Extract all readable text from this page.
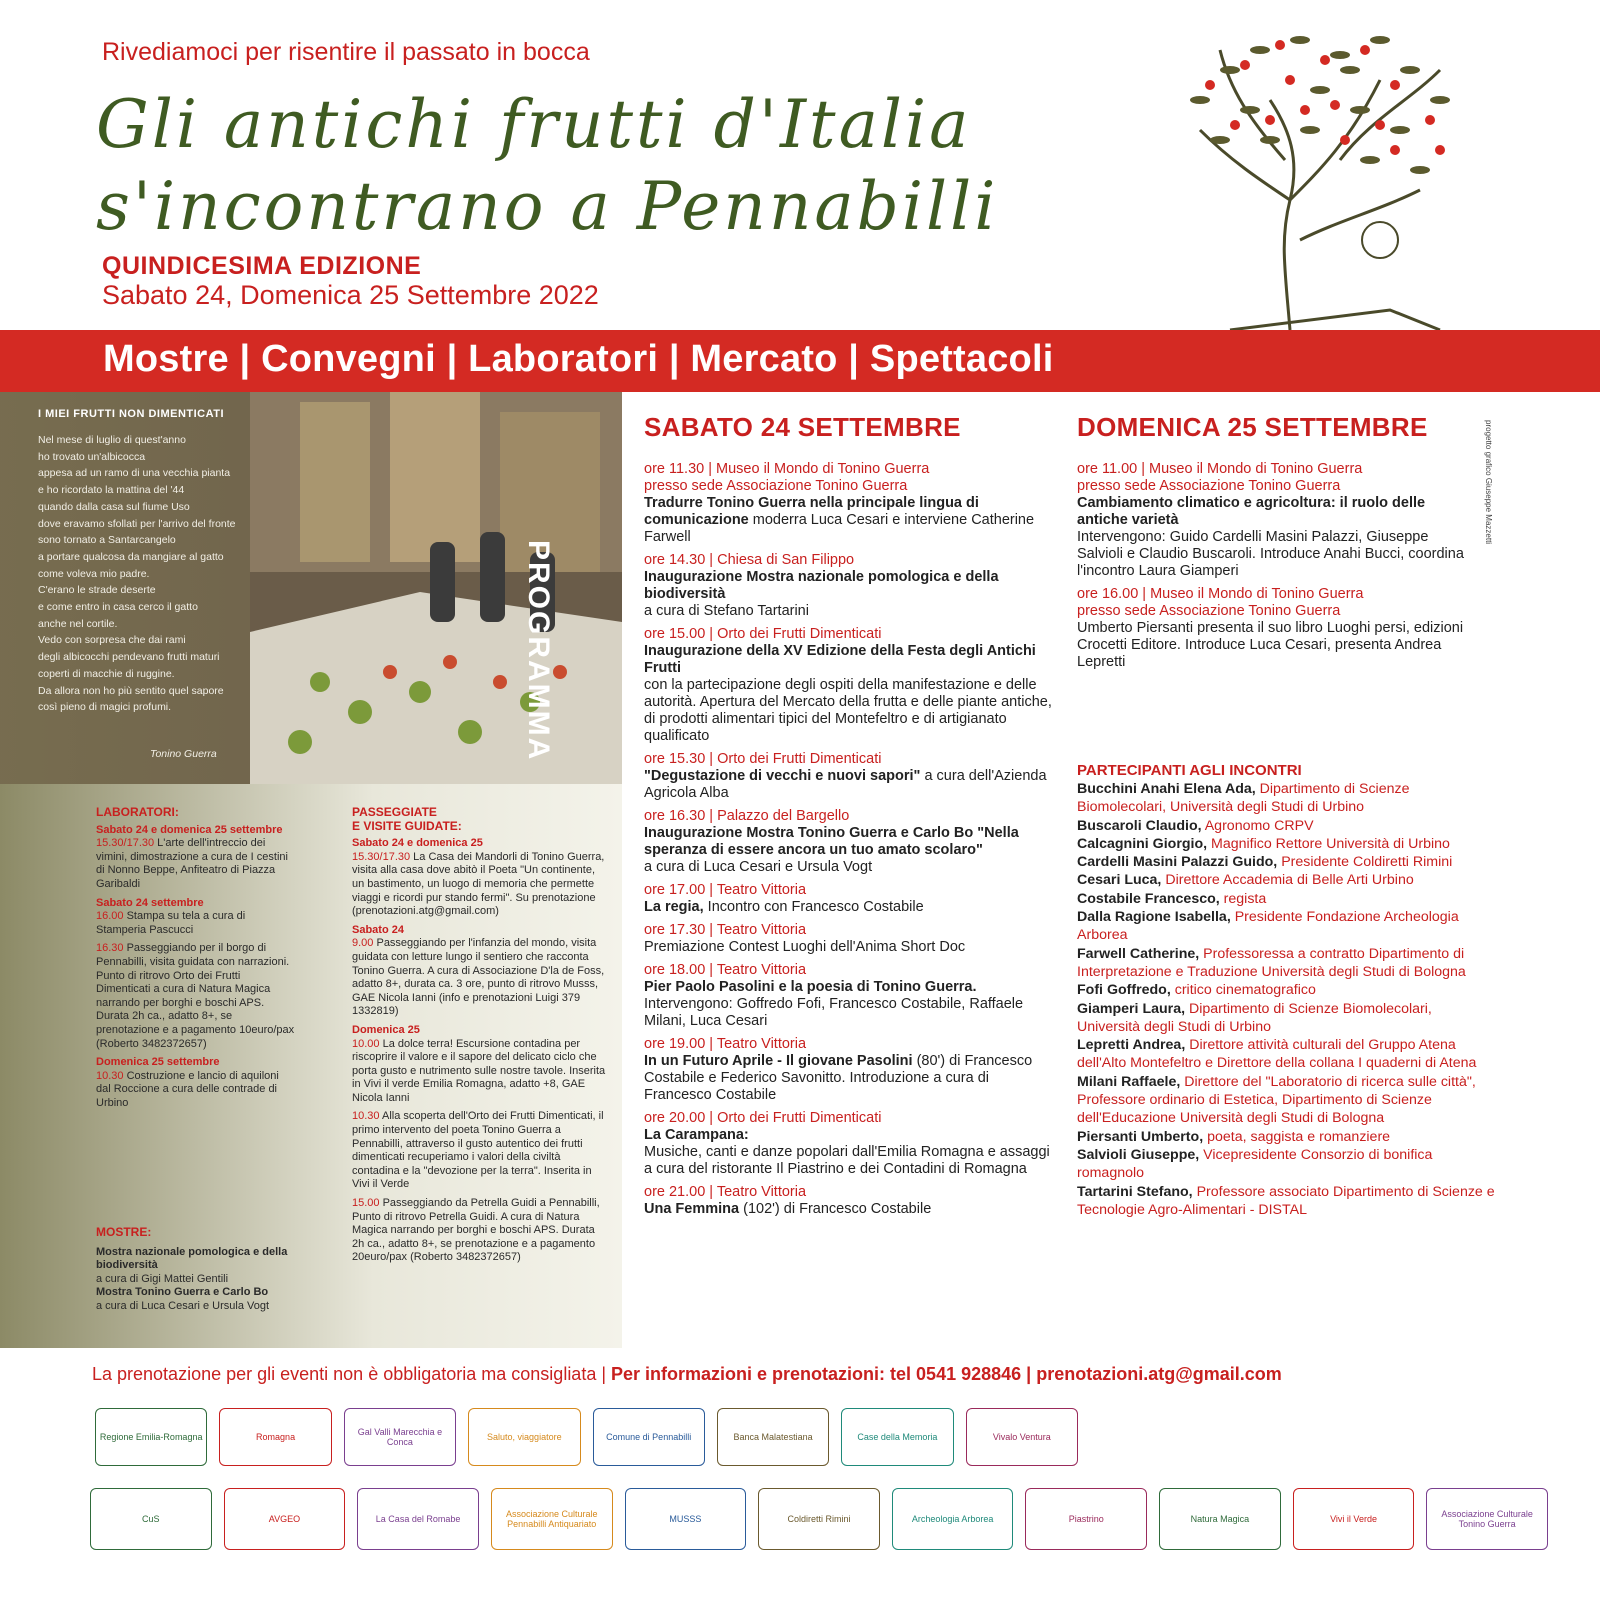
Rivediamoci per risentire il passato in bocca
Gli antichi frutti d'Italia
s'incontrano a Pennabilli
QUINDICESIMA EDIZIONE
Sabato 24, Domenica 25 Settembre 2022
Mostre | Convegni | Laboratori | Mercato | Spettacoli
I MIEI FRUTTI NON DIMENTICATI
Nel mese di luglio di quest'anno
ho trovato un'albicocca
appesa ad un ramo di una vecchia pianta
e ho ricordato la mattina del '44
quando dalla casa sul fiume Uso
dove eravamo sfollati per l'arrivo del fronte
sono tornato a Santarcangelo
a portare qualcosa da mangiare al gatto
come voleva mio padre.
C'erano le strade deserte
e come entro in casa cerco il gatto
anche nel cortile.
Vedo con sorpresa che dai rami
degli albicocchi pendevano frutti maturi
coperti di macchie di ruggine.
Da allora non ho più sentito quel sapore
così pieno di magici profumi.
Tonino Guerra	PROGRAMMA
LABORATORI:
Sabato 24 e domenica 25 settembre
15.30/17.30 L'arte dell'intreccio dei vimini, dimostrazione a cura de I cestini di Nonno Beppe, Anfiteatro di Piazza Garibaldi
Sabato 24 settembre
16.00 Stampa su tela a cura di Stamperia Pascucci
16.30 Passeggiando per il borgo di Pennabilli, visita guidata con narrazioni. Punto di ritrovo Orto dei Frutti Dimenticati a cura di Natura Magica narrando per borghi e boschi APS. Durata 2h ca., adatto 8+, se prenotazione e a pagamento 10euro/pax (Roberto 3482372657)
Domenica 25 settembre
10.30 Costruzione e lancio di aquiloni dal Roccione a cura delle contrade di Urbino
PASSEGGIATE
E VISITE GUIDATE:
Sabato 24 e domenica 25
15.30/17.30 La Casa dei Mandorli di Tonino Guerra, visita alla casa dove abitò il Poeta "Un continente, un bastimento, un luogo di memoria che permette viaggi e ricordi pur stando fermi". Su prenotazione (prenotazioni.atg@gmail.com)
Sabato 24
9.00 Passeggiando per l'infanzia del mondo, visita guidata con letture lungo il sentiero che racconta Tonino Guerra. A cura di Associazione D'la de Foss, adatto 8+, durata ca. 3 ore, punto di ritrovo Musss, GAE Nicola Ianni (info e prenotazioni Luigi 379 1332819)
Domenica 25
10.00 La dolce terra! Escursione contadina per riscoprire il valore e il sapore del delicato ciclo che porta gusto e nutrimento sulle nostre tavole. Inserita in Vivi il verde Emilia Romagna, adatto +8, GAE Nicola Ianni
10.30 Alla scoperta dell'Orto dei Frutti Dimenticati, il primo intervento del poeta Tonino Guerra a Pennabilli, attraverso il gusto autentico dei frutti dimenticati recuperiamo i valori della civiltà contadina e la "devozione per la terra". Inserita in Vivi il Verde
15.00 Passeggiando da Petrella Guidi a Pennabilli, Punto di ritrovo Petrella Guidi. A cura di Natura Magica narrando per borghi e boschi APS. Durata 2h ca., adatto 8+, se prenotazione e a pagamento 20euro/pax (Roberto 3482372657)
MOSTRE:
Mostra nazionale pomologica e della biodiversità
a cura di Gigi Mattei Gentili
Mostra Tonino Guerra e Carlo Bo
a cura di Luca Cesari e Ursula Vogt
SABATO 24 SETTEMBRE
ore 11.30 | Museo il Mondo di Tonino Guerra
presso sede Associazione Tonino Guerra
Tradurre Tonino Guerra nella principale lingua di comunicazione moderra Luca Cesari e interviene Catherine Farwell
ore 14.30 | Chiesa di San Filippo
Inaugurazione Mostra nazionale pomologica e della biodiversità
a cura di Stefano Tartarini
ore 15.00 | Orto dei Frutti Dimenticati
Inaugurazione della XV Edizione della Festa degli Antichi Frutti
con la partecipazione degli ospiti della manifestazione e delle autorità. Apertura del Mercato della frutta e delle piante antiche, di prodotti alimentari tipici del Montefeltro e di artigianato qualificato
ore 15.30 | Orto dei Frutti Dimenticati
"Degustazione di vecchi e nuovi sapori" a cura dell'Azienda Agricola Alba
ore 16.30 | Palazzo del Bargello
Inaugurazione Mostra Tonino Guerra e Carlo Bo "Nella speranza di essere ancora un tuo amato scolaro"
a cura di Luca Cesari e Ursula Vogt
ore 17.00 | Teatro Vittoria
La regia, Incontro con Francesco Costabile
ore 17.30 | Teatro Vittoria
Premiazione Contest Luoghi dell'Anima Short Doc
ore 18.00 | Teatro Vittoria
Pier Paolo Pasolini e la poesia di Tonino Guerra.
Intervengono: Goffredo Fofi, Francesco Costabile, Raffaele Milani, Luca Cesari
ore 19.00 | Teatro Vittoria
In un Futuro Aprile - Il giovane Pasolini (80') di Francesco Costabile e Federico Savonitto. Introduzione a cura di Francesco Costabile
ore 20.00 | Orto dei Frutti Dimenticati
La Carampana:
Musiche, canti e danze popolari dall'Emilia Romagna e assaggi a cura del ristorante Il Piastrino e dei Contadini di Romagna
ore 21.00 | Teatro Vittoria
Una Femmina (102') di Francesco Costabile
DOMENICA 25 SETTEMBRE
ore 11.00 | Museo il Mondo di Tonino Guerra
presso sede Associazione Tonino Guerra
Cambiamento climatico e agricoltura: il ruolo delle antiche varietà
Intervengono: Guido Cardelli Masini Palazzi, Giuseppe Salvioli e Claudio Buscaroli. Introduce Anahi Bucci, coordina l'incontro Laura Giamperi
ore 16.00 | Museo il Mondo di Tonino Guerra
presso sede Associazione Tonino Guerra
Umberto Piersanti presenta il suo libro Luoghi persi, edizioni Crocetti Editore. Introduce Luca Cesari, presenta Andrea Lepretti
progetto grafico Giuseppe Mazzetti
PARTECIPANTI AGLI INCONTRI
Bucchini Anahi Elena Ada, Dipartimento di Scienze Biomolecolari, Università degli Studi di Urbino
Buscaroli Claudio, Agronomo CRPV
Calcagnini Giorgio, Magnifico Rettore Università di Urbino
Cardelli Masini Palazzi Guido, Presidente Coldiretti Rimini
Cesari Luca, Direttore Accademia di Belle Arti Urbino
Costabile Francesco, regista
Dalla Ragione Isabella, Presidente Fondazione Archeologia Arborea
Farwell Catherine, Professoressa a contratto Dipartimento di Interpretazione e Traduzione Università degli Studi di Bologna
Fofi Goffredo, critico cinematografico
Giamperi Laura, Dipartimento di Scienze Biomolecolari, Università degli Studi di Urbino
Lepretti Andrea, Direttore attività culturali del Gruppo Atena dell'Alto Montefeltro e Direttore della collana I quaderni di Atena
Milani Raffaele, Direttore del "Laboratorio di ricerca sulle città", Professore ordinario di Estetica, Dipartimento di Scienze dell'Educazione Università degli Studi di Bologna
Piersanti Umberto, poeta, saggista e romanziere
Salvioli Giuseppe, Vicepresidente Consorzio di bonifica romagnolo
Tartarini Stefano, Professore associato Dipartimento di Scienze e Tecnologie Agro-Alimentari - DISTAL
La prenotazione per gli eventi non è obbligatoria ma consigliata | Per informazioni e prenotazioni: tel 0541 928846 | prenotazioni.atg@gmail.com
Regione Emilia-Romagna	Romagna	Gal Valli Marecchia e Conca	Saluto, viaggiatore	Comune di Pennabilli	Banca Malatestiana	Case della Memoria	Vivalo Ventura
CuS	AVGEO	La Casa del Romabe	Associazione Culturale Pennabilli Antiquariato	MUSSS	Coldiretti Rimini	Archeologia Arborea	Piastrino	Natura Magica	Vivi il Verde	Associazione Culturale Tonino Guerra
